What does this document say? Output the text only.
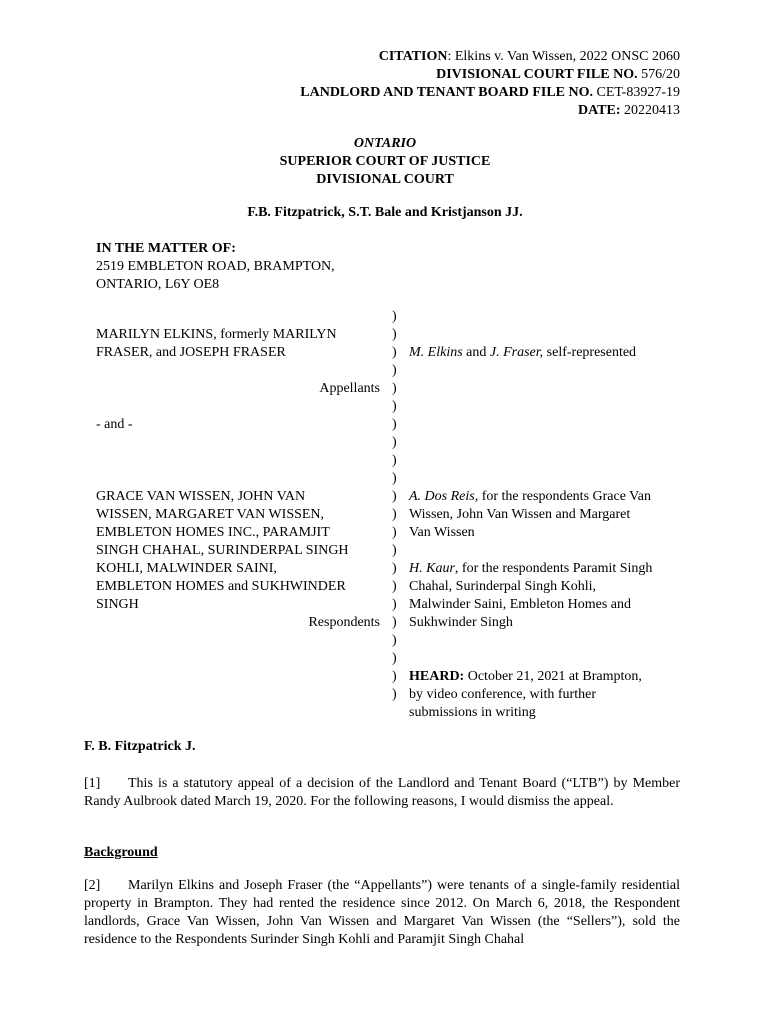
CITATION: Elkins v. Van Wissen, 2022 ONSC 2060
DIVISIONAL COURT FILE NO. 576/20
LANDLORD AND TENANT BOARD FILE NO. CET-83927-19
DATE: 20220413
ONTARIO
SUPERIOR COURT OF JUSTICE
DIVISIONAL COURT
F.B. Fitzpatrick, S.T. Bale and Kristjanson JJ.
IN THE MATTER OF:
2519 EMBLETON ROAD, BRAMPTON,
ONTARIO, L6Y OE8
)
)
)
)
)
)
)
)
)
)
)
)
)
)
)
)
)
)
)
)
)
)
MARILYN ELKINS, formerly MARILYN
FRASER, and JOSEPH FRASER
Appellants
- and -
GRACE VAN WISSEN, JOHN VAN
WISSEN, MARGARET VAN WISSEN,
EMBLETON HOMES INC., PARAMJIT
SINGH CHAHAL, SURINDERPAL SINGH
KOHLI, MALWINDER SAINI,
EMBLETON HOMES and SUKHWINDER
SINGH
Respondents
M. Elkins and J. Fraser, self-represented
A. Dos Reis, for the respondents Grace Van
Wissen, John Van Wissen and Margaret
Van Wissen
H. Kaur, for the respondents Paramit Singh
Chahal, Surinderpal Singh Kohli,
Malwinder Saini, Embleton Homes and
Sukhwinder Singh
HEARD: October 21, 2021 at Brampton,
by video conference, with further
submissions in writing
F. B. Fitzpatrick J.
[1] This is a statutory appeal of a decision of the Landlord and Tenant Board (“LTB”) by Member Randy Aulbrook dated March 19, 2020. For the following reasons, I would dismiss the appeal.
Background
[2] Marilyn Elkins and Joseph Fraser (the “Appellants”) were tenants of a single-family residential property in Brampton. They had rented the residence since 2012. On March 6, 2018, the Respondent landlords, Grace Van Wissen, John Van Wissen and Margaret Van Wissen (the “Sellers”), sold the residence to the Respondents Surinder Singh Kohli and Paramjit Singh Chahal
